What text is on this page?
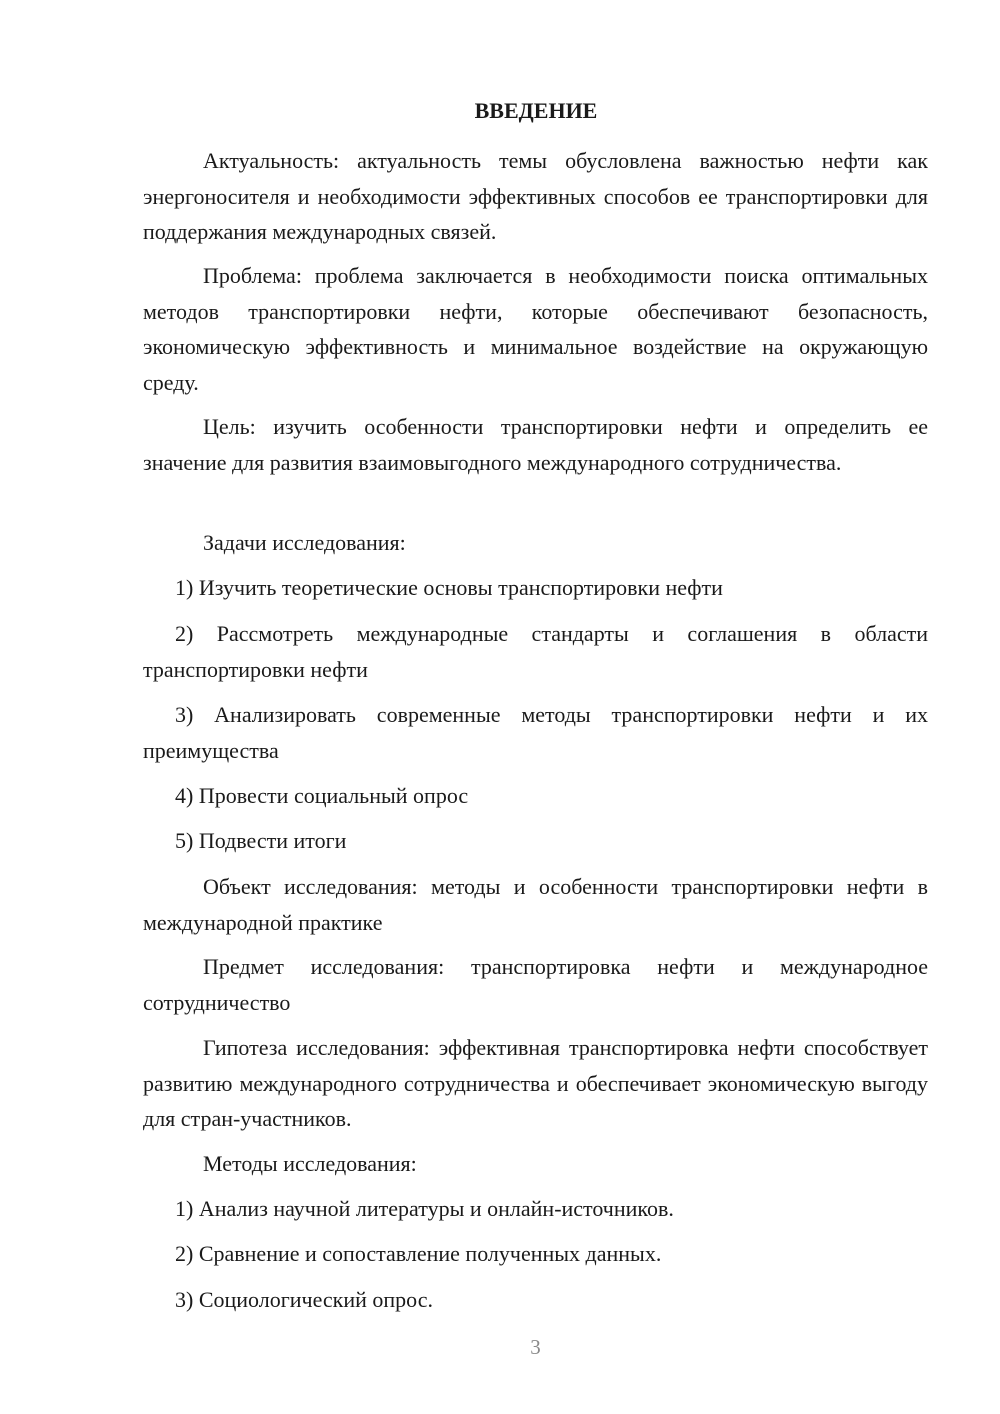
ВВЕДЕНИЕ

Актуальность: актуальность темы обусловлена важностью нефти как энергоносителя и необходимости эффективных способов ее транспортировки для поддержания международных связей.

Проблема: проблема заключается в необходимости поиска оптимальных методов транспортировки нефти, которые обеспечивают безопасность, экономическую эффективность и минимальное воздействие на окружающую среду.

Цель: изучить особенности транспортировки нефти и определить ее значение для развития взаимовыгодного международного сотрудничества.

Задачи исследования:

1) Изучить теоретические основы транспортировки нефти

2) Рассмотреть международные стандарты и соглашения в области транспортировки нефти

3) Анализировать современные методы транспортировки нефти и их преимущества

4) Провести социальный опрос

5) Подвести итоги

Объект исследования: методы и особенности транспортировки нефти в международной практике

Предмет исследования: транспортировка нефти и международное сотрудничество

Гипотеза исследования: эффективная транспортировка нефти способствует развитию международного сотрудничества и обеспечивает экономическую выгоду для стран-участников.

Методы исследования:

1) Анализ научной литературы и онлайн-источников.

2) Сравнение и сопоставление полученных данных.

3) Социологический опрос.

3
